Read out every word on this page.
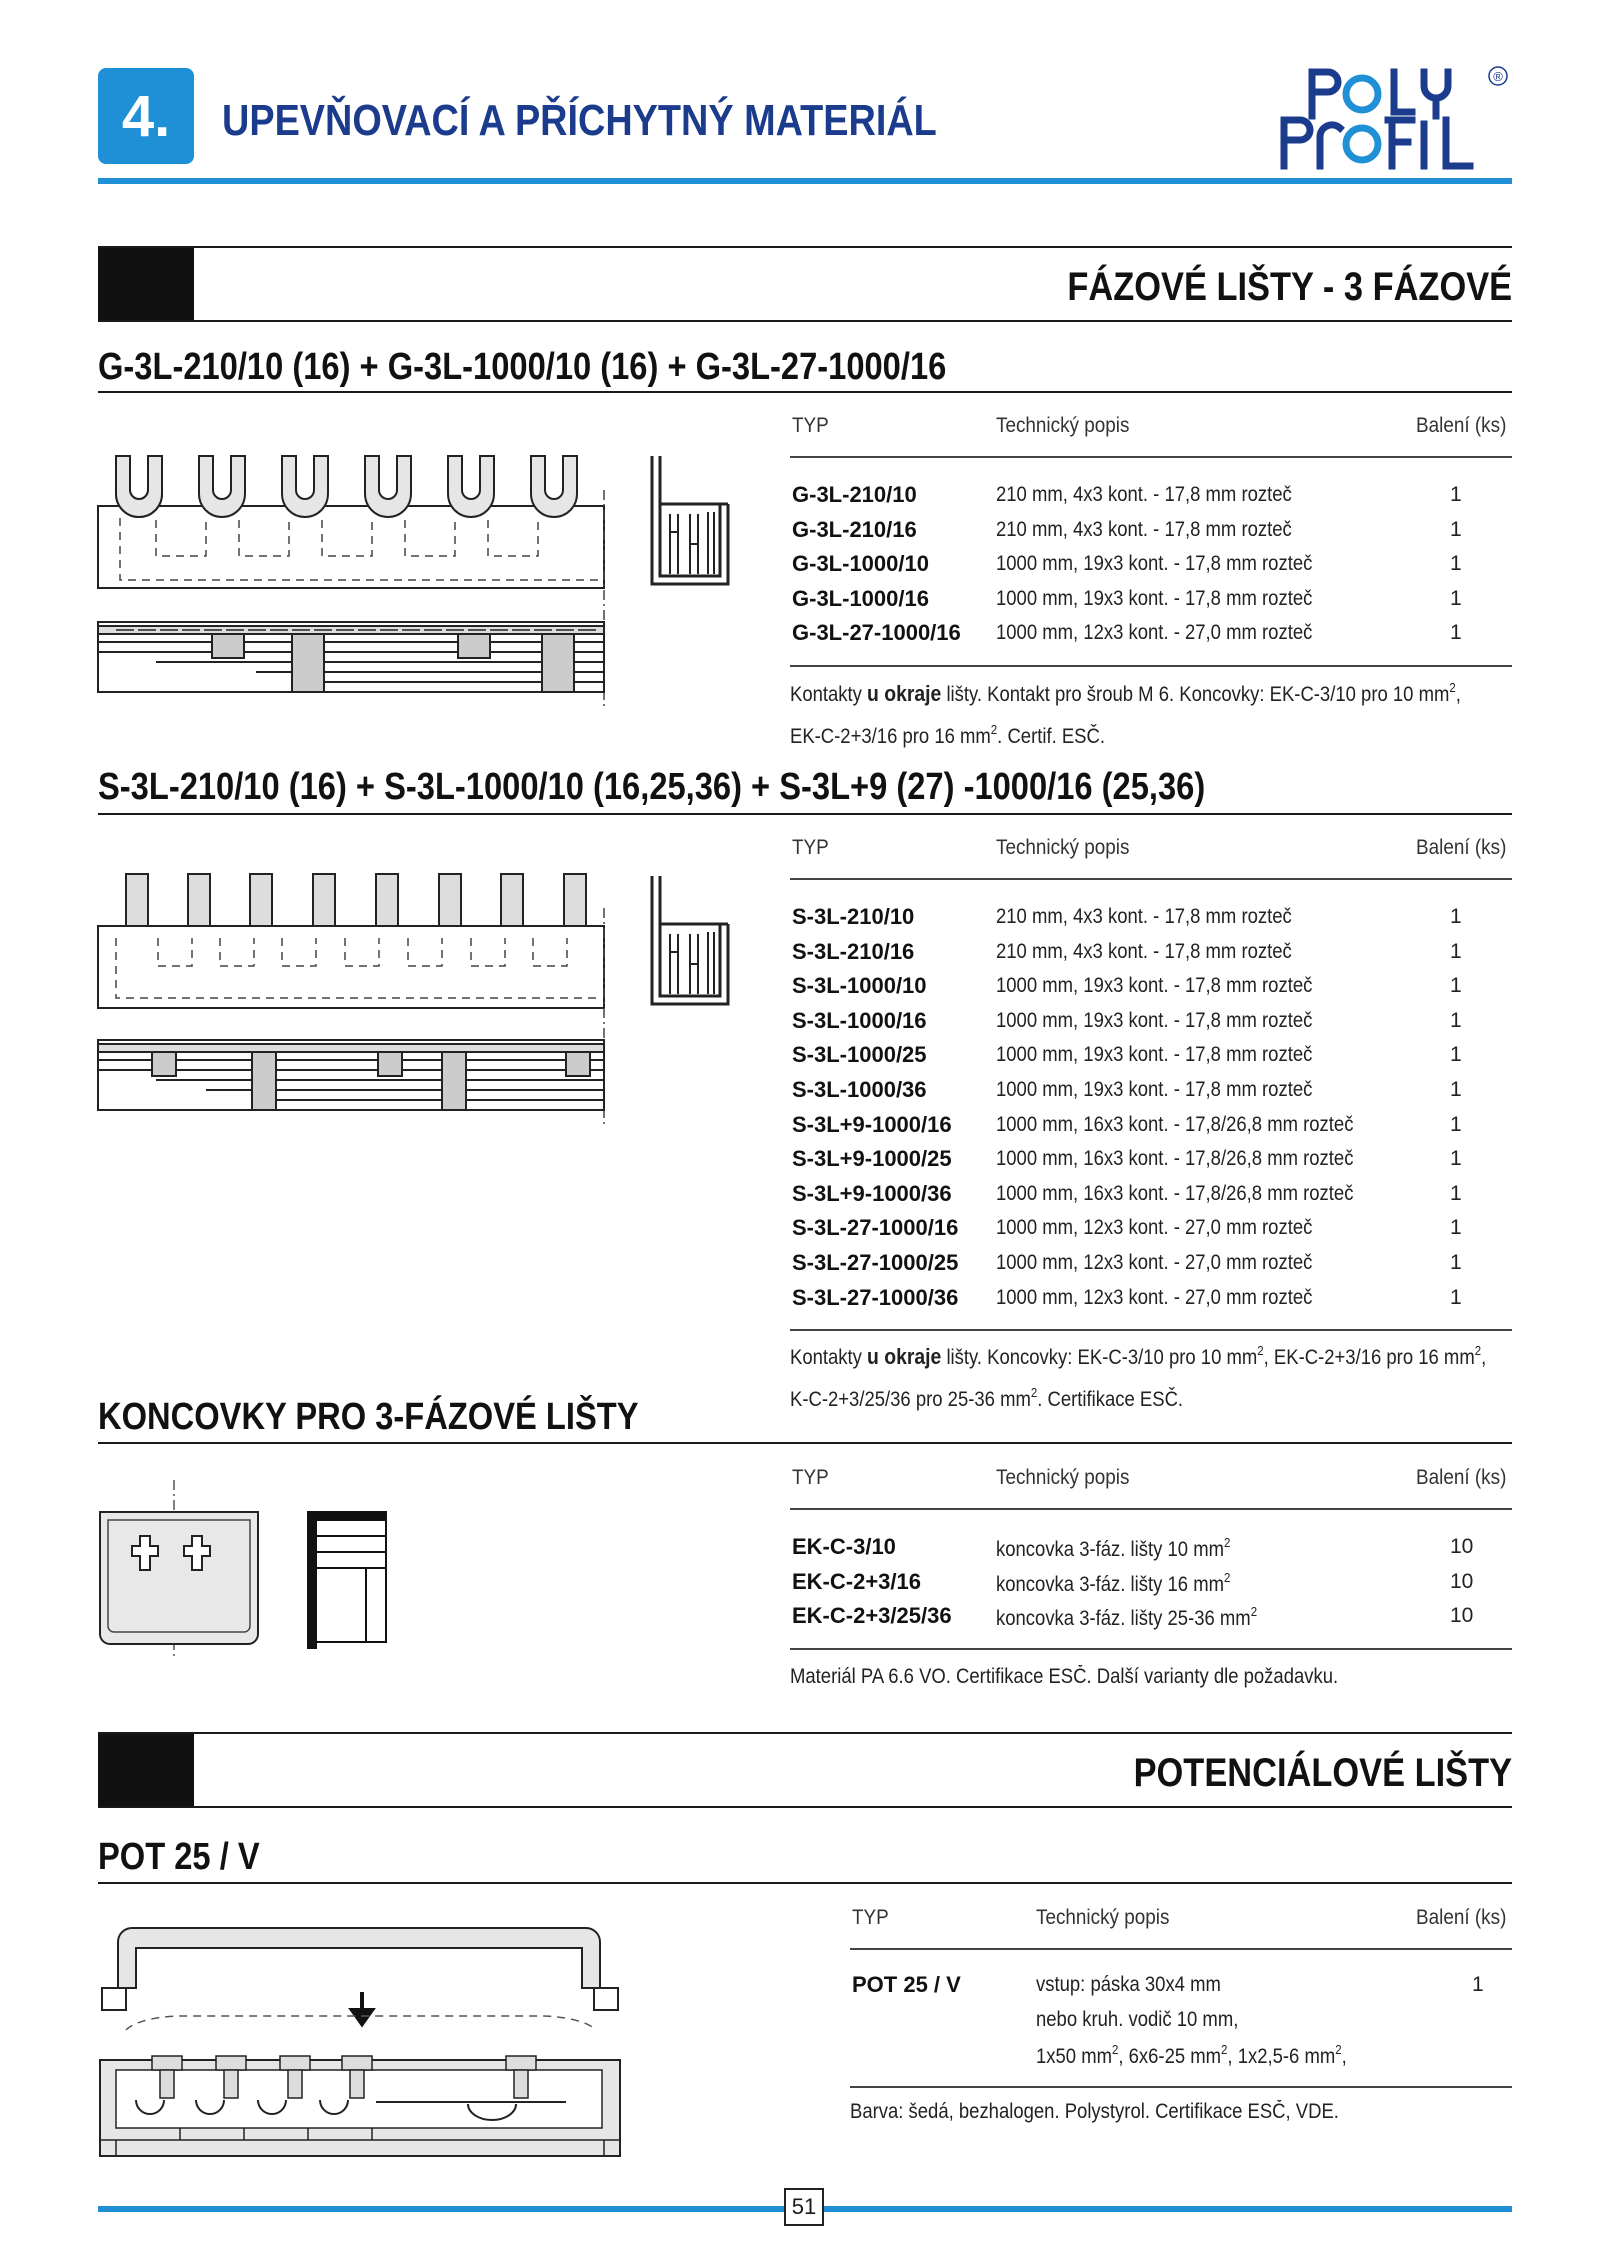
4.	UPEVŇOVACÍ A PŘÍCHYTNÝ MATERIÁL
®
FÁZOVÉ LIŠTY - 3 FÁZOVÉ
G-3L-210/10 (16) + G-3L-1000/10 (16) + G-3L-27-1000/16
TYP	Technický popis	Balení (ks)
G-3L-210/10	210 mm, 4x3 kont. - 17,8 mm rozteč	1
G-3L-210/16	210 mm, 4x3 kont. - 17,8 mm rozteč	1
G-3L-1000/10	1000 mm, 19x3 kont. - 17,8 mm rozteč	1
G-3L-1000/16	1000 mm, 19x3 kont. - 17,8 mm rozteč	1
G-3L-27-1000/16 1000 mm, 12x3 kont. - 27,0 mm rozteč	1
Kontakty u okraje lišty. Kontakt pro šroub M 6. Koncovky: EK-C-3/10 pro 10 $mm^2$, EK-C-2+3/16 pro 16 $mm^2$. Certif. ESČ.
S-3L-210/10 (16) + S-3L-1000/10 (16,25,36) + S-3L+9 (27) -1000/16 (25,36)
TYP	Technický popis	Balení (ks)
S-3L-210/10	210 mm, 4x3 kont. - 17,8 mm rozteč	1
S-3L-210/16	210 mm, 4x3 kont. - 17,8 mm rozteč	1
S-3L-1000/10	1000 mm, 19x3 kont. - 17,8 mm rozteč	1
S-3L-1000/16	1000 mm, 19x3 kont. - 17,8 mm rozteč	1
S-3L-1000/25	1000 mm, 19x3 kont. - 17,8 mm rozteč	1
S-3L-1000/36	1000 mm, 19x3 kont. - 17,8 mm rozteč	1
S-3L+9-1000/16 1000 mm, 16x3 kont. - 17,8/26,8 mm rozteč	1
S-3L+9-1000/25 1000 mm, 16x3 kont. - 17,8/26,8 mm rozteč	1
S-3L+9-1000/36 1000 mm, 16x3 kont. - 17,8/26,8 mm rozteč	1
S-3L-27-1000/16 1000 mm, 12x3 kont. - 27,0 mm rozteč	1
S-3L-27-1000/25 1000 mm, 12x3 kont. - 27,0 mm rozteč	1
S-3L-27-1000/36 1000 mm, 12x3 kont. - 27,0 mm rozteč	1
Kontakty u okraje lišty. Koncovky: EK-C-3/10 pro 10 $mm^2$, EK-C-2+3/16 pro 16 $mm^2$, K-C-2+3/25/36 pro 25-36 $mm^2$. Certifikace ESČ.
KONCOVKY PRO 3-FÁZOVÉ LIŠTY
TYP	Technický popis	Balení (ks)
EK-C-3/10	koncovka 3-fáz. lišty 10 $mm^2$	10
EK-C-2+3/16	koncovka 3-fáz. lišty 16 $mm^2$	10
EK-C-2+3/25/36 koncovka 3-fáz. lišty 25-36 $mm^2$	10
Materiál PA 6.6 VO. Certifikace ESČ. Další varianty dle požadavku.
POTENCIÁLOVÉ LIŠTY
POT 25 / V
TYP	Technický popis	Balení (ks)
POT 25 / V	vstup: páska 30x4 mm	1
nebo kruh. vodič 10 mm,
1x50 $mm^2$, 6x6-25 $mm^2$, 1x2,5-6 $mm^2$,
Barva: šedá, bezhalogen. Polystyrol. Certifikace ESČ, VDE.
51
